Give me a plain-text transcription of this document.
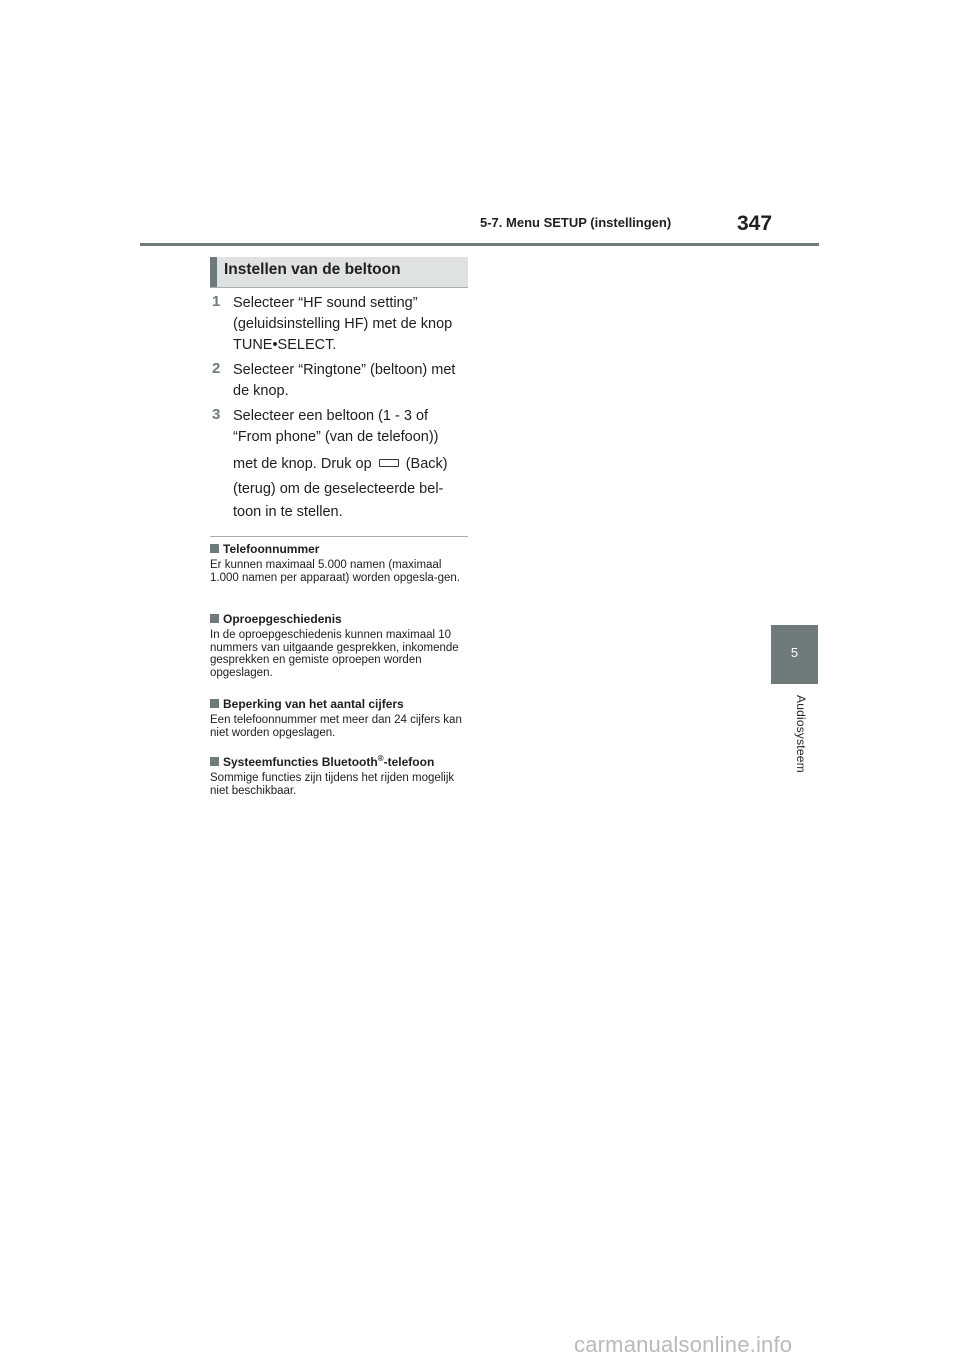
5-7. Menu SETUP (instellingen)	347
5
Audiosysteem
Instellen van de beltoon
1 Selecteer “HF sound setting”

(geluidsinstelling HF) met de knop

TUNE•SELECT.

2 Selecteer “Ringtone” (beltoon) met

de knop.

3 Selecteer een beltoon (1 - 3 of

“From phone” (van de telefoon))

met de knop. Druk op (Back)

(terug) om de geselecteerde bel-

toon in te stellen.

Telefoonnummer

Er kunnen maximaal 5.000 namen (maximaal 1.000 namen per apparaat) worden opgesla-gen.

Oproepgeschiedenis

In de oproepgeschiedenis kunnen maximaal 10 nummers van uitgaande gesprekken, inkomende gesprekken en gemiste oproepen worden opgeslagen.

Beperking van het aantal cijfers

Een telefoonnummer met meer dan 24 cijfers kan niet worden opgeslagen.

Systeemfuncties Bluetooth®-telefoon

Sommige functies zijn tijdens het rijden mogelijk niet beschikbaar.

carmanualsonline.info
